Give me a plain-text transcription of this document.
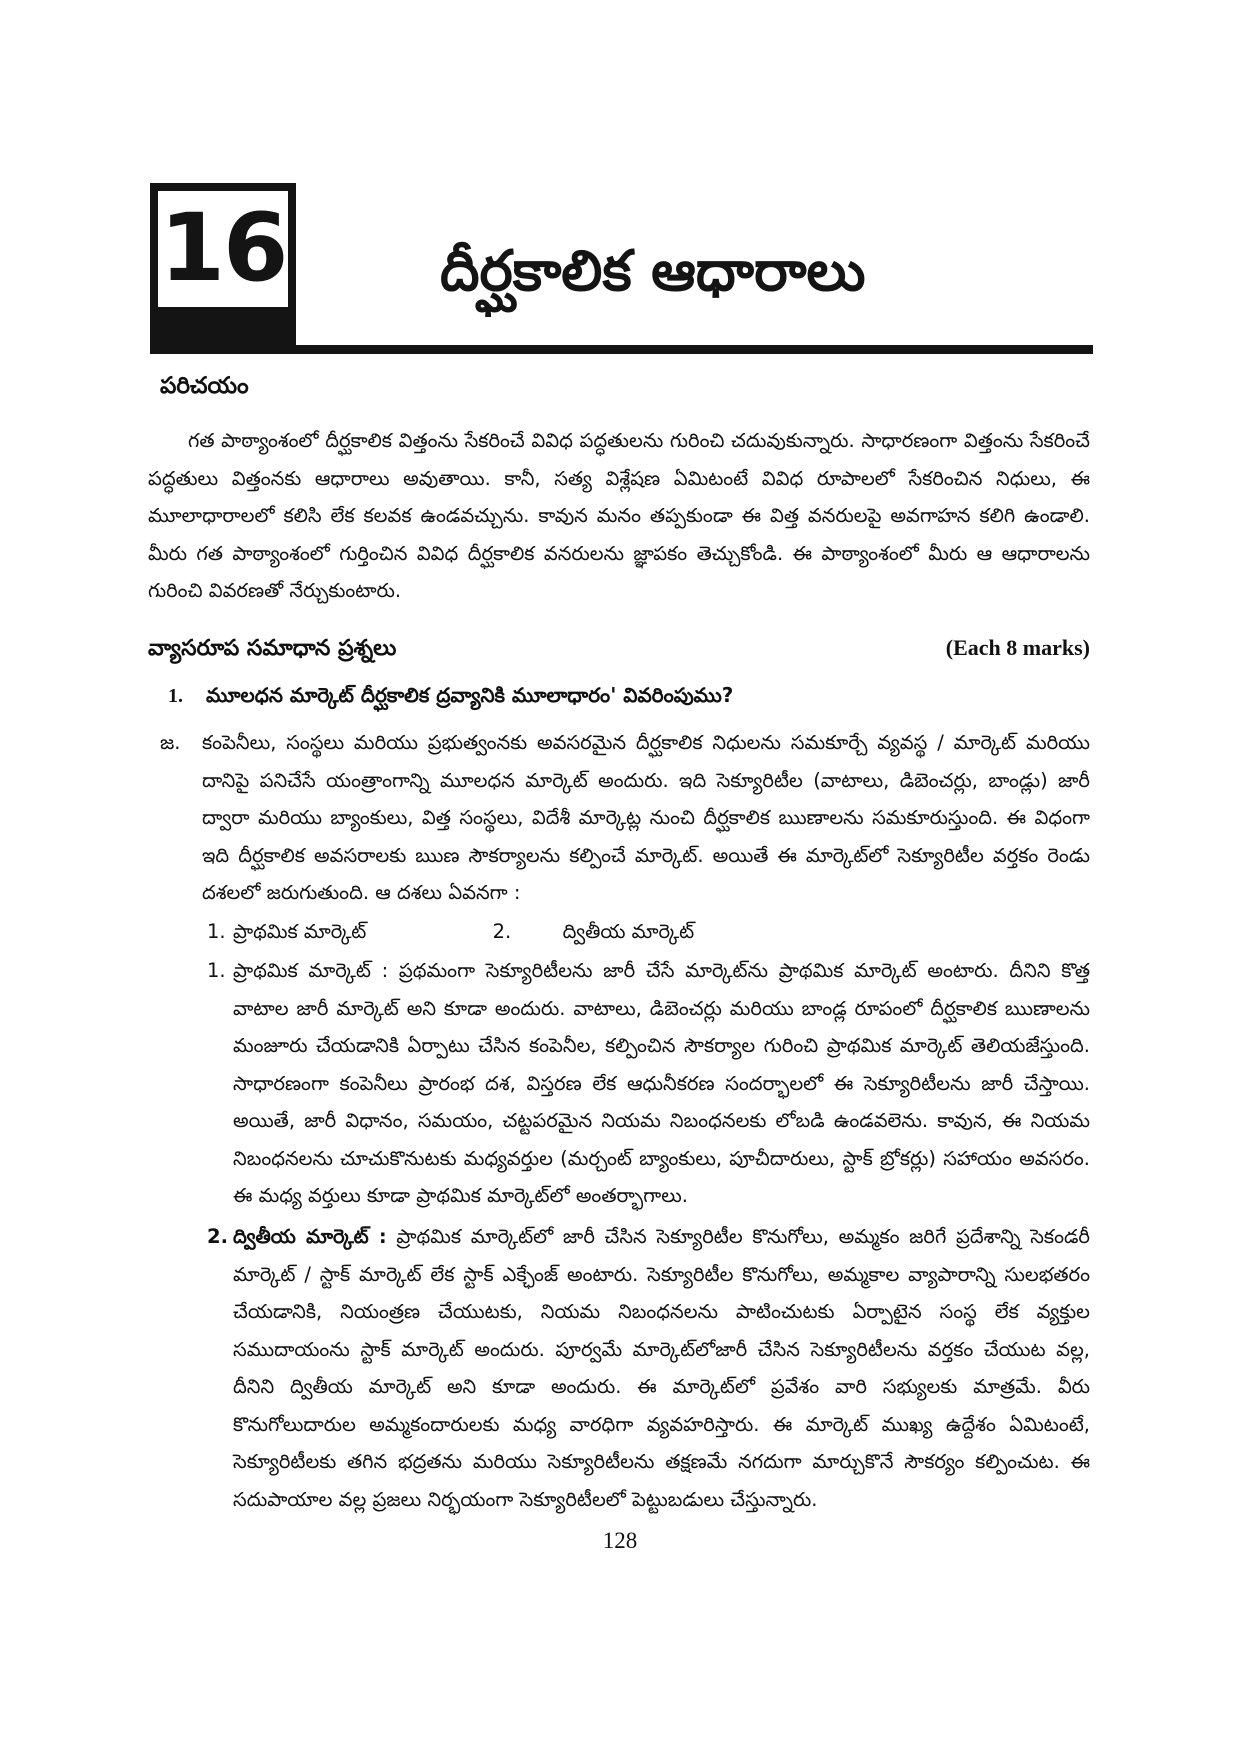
16	దీర్ఘకాలిక ఆధారాలు
పరిచయం

గత పాఠ్యాంశంలో దీర్ఘకాలిక విత్తంను సేకరించే వివిధ పద్ధతులను గురించి చదువుకున్నారు. సాధారణంగా విత్తంను సేకరించే పద్ధతులు విత్తంనకు ఆధారాలు అవుతాయి. కానీ, సత్య విశ్లేషణ ఏమిటంటే వివిధ రూపాలలో సేకరించిన నిధులు, ఈ మూలాధారాలలో కలిసి లేక కలవక ఉండవచ్చును. కావున మనం తప్పకుండా ఈ విత్త వనరులపై అవగాహన కలిగి ఉండాలి. మీరు గత పాఠ్యాంశంలో గుర్తించిన వివిధ దీర్ఘకాలిక వనరులను జ్ఞాపకం తెచ్చుకోండి. ఈ పాఠ్యాంశంలో మీరు ఆ ఆధారాలను గురించి వివరణతో నేర్చుకుంటారు.

వ్యాసరూప సమాధాన ప్రశ్నలు	(Each 8 marks)
1. మూలధన మార్కెట్ దీర్ఘకాలిక ద్రవ్యానికి మూలాధారం' వివరింపుము?
జ. కంపెనీలు, సంస్థలు మరియు ప్రభుత్వంనకు అవసరమైన దీర్ఘకాలిక నిధులను సమకూర్చే వ్యవస్థ / మార్కెట్ మరియు దానిపై పనిచేసే యంత్రాంగాన్ని మూలధన మార్కెట్ అందురు. ఇది సెక్యూరిటీల (వాటాలు, డిబెంచర్లు, బాండ్లు) జారీ ద్వారా మరియు బ్యాంకులు, విత్త సంస్థలు, విదేశీ మార్కెట్ల నుంచి దీర్ఘకాలిక ఋణాలను సమకూరుస్తుంది. ఈ విధంగా ఇది దీర్ఘకాలిక అవసరాలకు ఋణ సౌకర్యాలను కల్పించే మార్కెట్. అయితే ఈ మార్కెట్‌లో సెక్యూరిటీల వర్తకం రెండు దశలలో జరుగుతుంది. ఆ దశలు ఏవనగా :

1. ప్రాథమిక మార్కెట్	2.	ద్వితీయ మార్కెట్
1. ప్రాథమిక మార్కెట్ : ప్రథమంగా సెక్యూరిటీలను జారీ చేసే మార్కెట్‌ను ప్రాథమిక మార్కెట్ అంటారు. దీనిని కొత్త వాటాల జారీ మార్కెట్ అని కూడా అందురు. వాటాలు, డిబెంచర్లు మరియు బాండ్ల రూపంలో దీర్ఘకాలిక ఋణాలను మంజూరు చేయడానికి ఏర్పాటు చేసిన కంపెనీల, కల్పించిన సౌకర్యాల గురించి ప్రాథమిక మార్కెట్ తెలియజేస్తుంది. సాధారణంగా కంపెనీలు ప్రారంభ దశ, విస్తరణ లేక ఆధునీకరణ సందర్భాలలో ఈ సెక్యూరిటీలను జారీ చేస్తాయి. అయితే, జారీ విధానం, సమయం, చట్టపరమైన నియమ నిబంధనలకు లోబడి ఉండవలెను. కావున, ఈ నియమ నిబంధనలను చూచుకొనుటకు మధ్యవర్తుల (మర్చంట్ బ్యాంకులు, పూచీదారులు, స్టాక్ బ్రోకర్లు) సహాయం అవసరం. ఈ మధ్య వర్తులు కూడా ప్రాథమిక మార్కెట్‌లో అంతర్భాగాలు.

2. ద్వితీయ మార్కెట్ : ప్రాథమిక మార్కెట్‌లో జారీ చేసిన సెక్యూరిటీల కొనుగోలు, అమ్మకం జరిగే ప్రదేశాన్ని సెకండరీ మార్కెట్ / స్టాక్ మార్కెట్ లేక స్టాక్ ఎక్ఛేంజ్ అంటారు. సెక్యూరిటీల కొనుగోలు, అమ్మకాల వ్యాపారాన్ని సులభతరం చేయడానికి, నియంత్రణ చేయుటకు, నియమ నిబంధనలను పాటించుటకు ఏర్పాటైన సంస్థ లేక వ్యక్తుల సముదాయంను స్టాక్ మార్కెట్ అందురు. పూర్వమే మార్కెట్‌లోజారీ చేసిన సెక్యూరిటీలను వర్తకం చేయుట వల్ల, దీనిని ద్వితీయ మార్కెట్ అని కూడా అందురు. ఈ మార్కెట్‌లో ప్రవేశం వారి సభ్యులకు మాత్రమే. వీరు కొనుగోలుదారుల అమ్మకందారులకు మధ్య వారధిగా వ్యవహరిస్తారు. ఈ మార్కెట్ ముఖ్య ఉద్దేశం ఏమిటంటే, సెక్యూరిటీలకు తగిన భద్రతను మరియు సెక్యూరిటీలను తక్షణమే నగదుగా మార్చుకొనే సౌకర్యం కల్పించుట. ఈ సదుపాయాల వల్ల ప్రజలు నిర్భయంగా సెక్యూరిటీలలో పెట్టుబడులు చేస్తున్నారు.

128
